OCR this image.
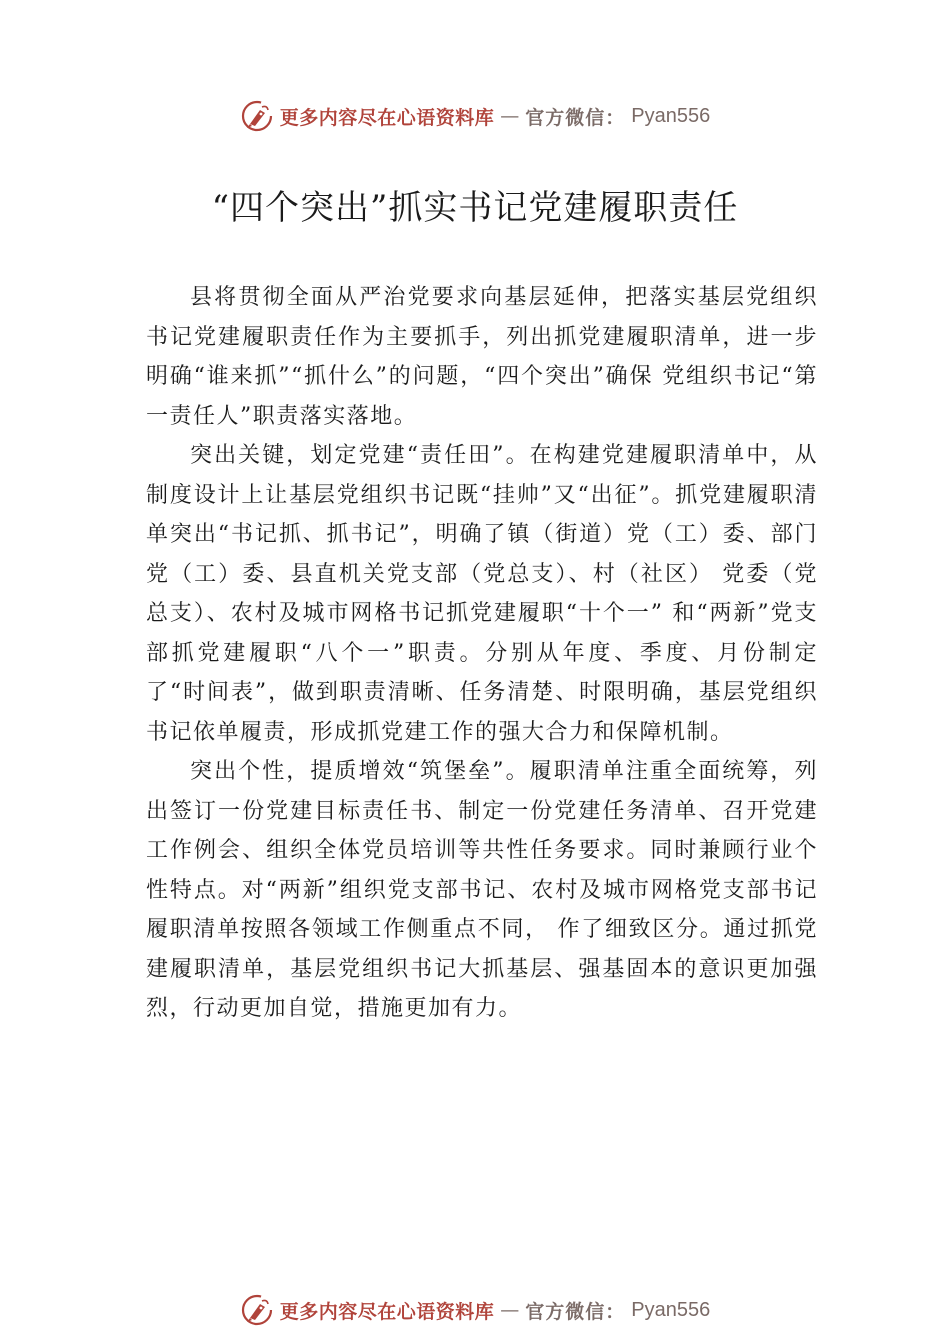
更多内容尽在心语资料库 — 官方微信： Pyan556
“四个突出”抓实书记党建履职责任

县将贯彻全面从严治党要求向基层延伸，把落实基层党组织书记党建履职责任作为主要抓手，列出抓党建履职清单，进一步明确“谁来抓”“抓什么”的问题，“四个突出”确保 党组织书记“第一责任人”职责落实落地。

突出关键，划定党建“责任田”。在构建党建履职清单中，从制度设计上让基层党组织书记既“挂帅”又“出征”。抓党建履职清单突出“书记抓、抓书记”，明确了镇（街道）党（工）委、部门党（工）委、县直机关党支部（党总支）、村（社区） 党委（党总支）、农村及城市网格书记抓党建履职“十个一” 和“两新”党支部抓党建履职“八个一”职责。分别从年度、季度、月份制定了“时间表”，做到职责清晰、任务清楚、时限明确，基层党组织书记依单履责，形成抓党建工作的强大合力和保障机制。

突出个性，提质增效“筑堡垒”。履职清单注重全面统筹，列出签订一份党建目标责任书、制定一份党建任务清单、召开党建工作例会、组织全体党员培训等共性任务要求。同时兼顾行业个性特点。对“两新”组织党支部书记、农村及城市网格党支部书记履职清单按照各领域工作侧重点不同， 作了细致区分。通过抓党建履职清单，基层党组织书记大抓基层、强基固本的意识更加强烈，行动更加自觉，措施更加有力。

更多内容尽在心语资料库 — 官方微信： Pyan556
